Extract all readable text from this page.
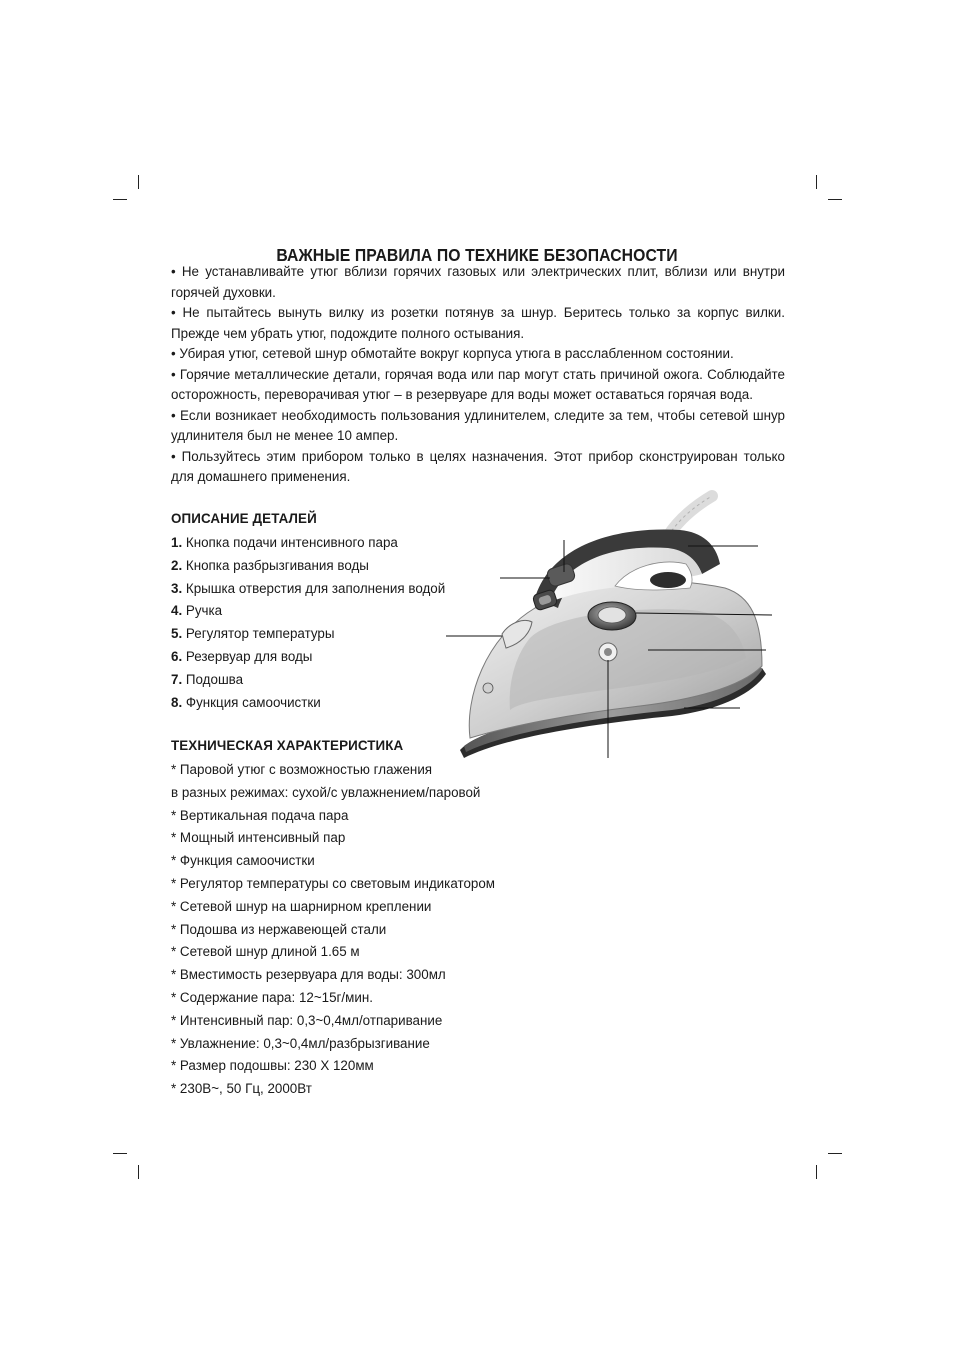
ВАЖНЫЕ ПРАВИЛА ПО ТЕХНИКЕ БЕЗОПАСНОСТИ

• Не устанавливайте утюг вблизи горячих газовых или электрических плит, вблизи или внутри горячей духовки.

• Не пытайтесь вынуть вилку из розетки потянув за шнур. Беритесь только за корпус вилки. Прежде чем убрать утюг, подождите полного остывания.

• Убирая утюг, сетевой шнур обмотайте вокруг корпуса утюга в расслабленном состоянии.

• Горячие металлические детали, горячая вода или пар могут стать причиной ожога. Соблюдайте осторожность, переворачивая утюг – в резервуаре для воды может оставаться горячая вода.

• Если возникает необходимость пользования удлинителем, следите за тем, чтобы сетевой шнур удлинителя был не менее 10 ампер.

• Пользуйтесь этим прибором только в целях назначения. Этот прибор сконструирован только для домашнего применения.

ОПИСАНИЕ ДЕТАЛЕЙ
1. Кнопка подачи интенсивного пара
2. Кнопка разбрызгивания воды
3. Крышка отверстия для заполнения водой
4. Ручка
5. Регулятор температуры
6. Резервуар для воды
7. Подошва
8. Функция самоочистки
ТЕХНИЧЕСКАЯ ХАРАКТЕРИСТИКА
* Паровой утюг с возможностью глажения
в разных режимах: сухой/с увлажнением/паровой
* Вертикальная подача пара
* Мощный интенсивный пар
* Функция самоочистки
* Регулятор температуры со световым индикатором
* Сетевой шнур на шарнирном креплении
* Подошва из нержавеющей стали
* Сетевой шнур длиной 1.65 м
* Вместимость резервуара для воды: 300мл
* Содержание пара: 12~15г/мин.
* Интенсивный пар: 0,3~0,4мл/отпаривание
* Увлажнение: 0,3~0,4мл/разбрызгивание
* Размер подошвы: 230 Х 120мм
* 230В~, 50 Гц, 2000Вт
